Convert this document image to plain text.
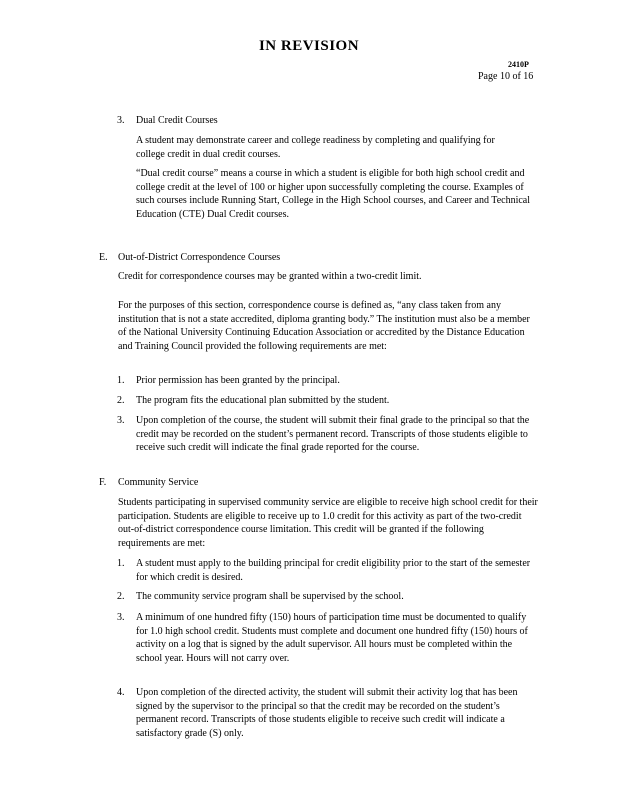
IN REVISION
2410P
Page 10 of 16
3. Dual Credit Courses

A student may demonstrate career and college readiness by completing and qualifying for college credit in dual credit courses.

“Dual credit course” means a course in which a student is eligible for both high school credit and college credit at the level of 100 or higher upon successfully completing the course. Examples of such courses include Running Start, College in the High School courses, and Career and Technical Education (CTE) Dual Credit courses.

E. Out-of-District Correspondence Courses

Credit for correspondence courses may be granted within a two-credit limit.

For the purposes of this section, correspondence course is defined as, “any class taken from any institution that is not a state accredited, diploma granting body.” The institution must also be a member of the National University Continuing Education Association or accredited by the Distance Education and Training Council provided the following requirements are met:

1. Prior permission has been granted by the principal.

2. The program fits the educational plan submitted by the student.

3. Upon completion of the course, the student will submit their final grade to the principal so that the credit may be recorded on the student’s permanent record. Transcripts of those students eligible to receive such credit will indicate the final grade reported for the course.

F. Community Service

Students participating in supervised community service are eligible to receive high school credit for their participation. Students are eligible to receive up to 1.0 credit for this activity as part of the two-credit out-of-district correspondence course limitation. This credit will be granted if the following requirements are met:

1. A student must apply to the building principal for credit eligibility prior to the start of the semester for which credit is desired.

2. The community service program shall be supervised by the school.

3. A minimum of one hundred fifty (150) hours of participation time must be documented to qualify for 1.0 high school credit. Students must complete and document one hundred fifty (150) hours of activity on a log that is signed by the adult supervisor. All hours must be completed within the school year. Hours will not carry over.

4. Upon completion of the directed activity, the student will submit their activity log that has been signed by the supervisor to the principal so that the credit may be recorded on the student’s permanent record. Transcripts of those students eligible to receive such credit will indicate a satisfactory grade (S) only.
